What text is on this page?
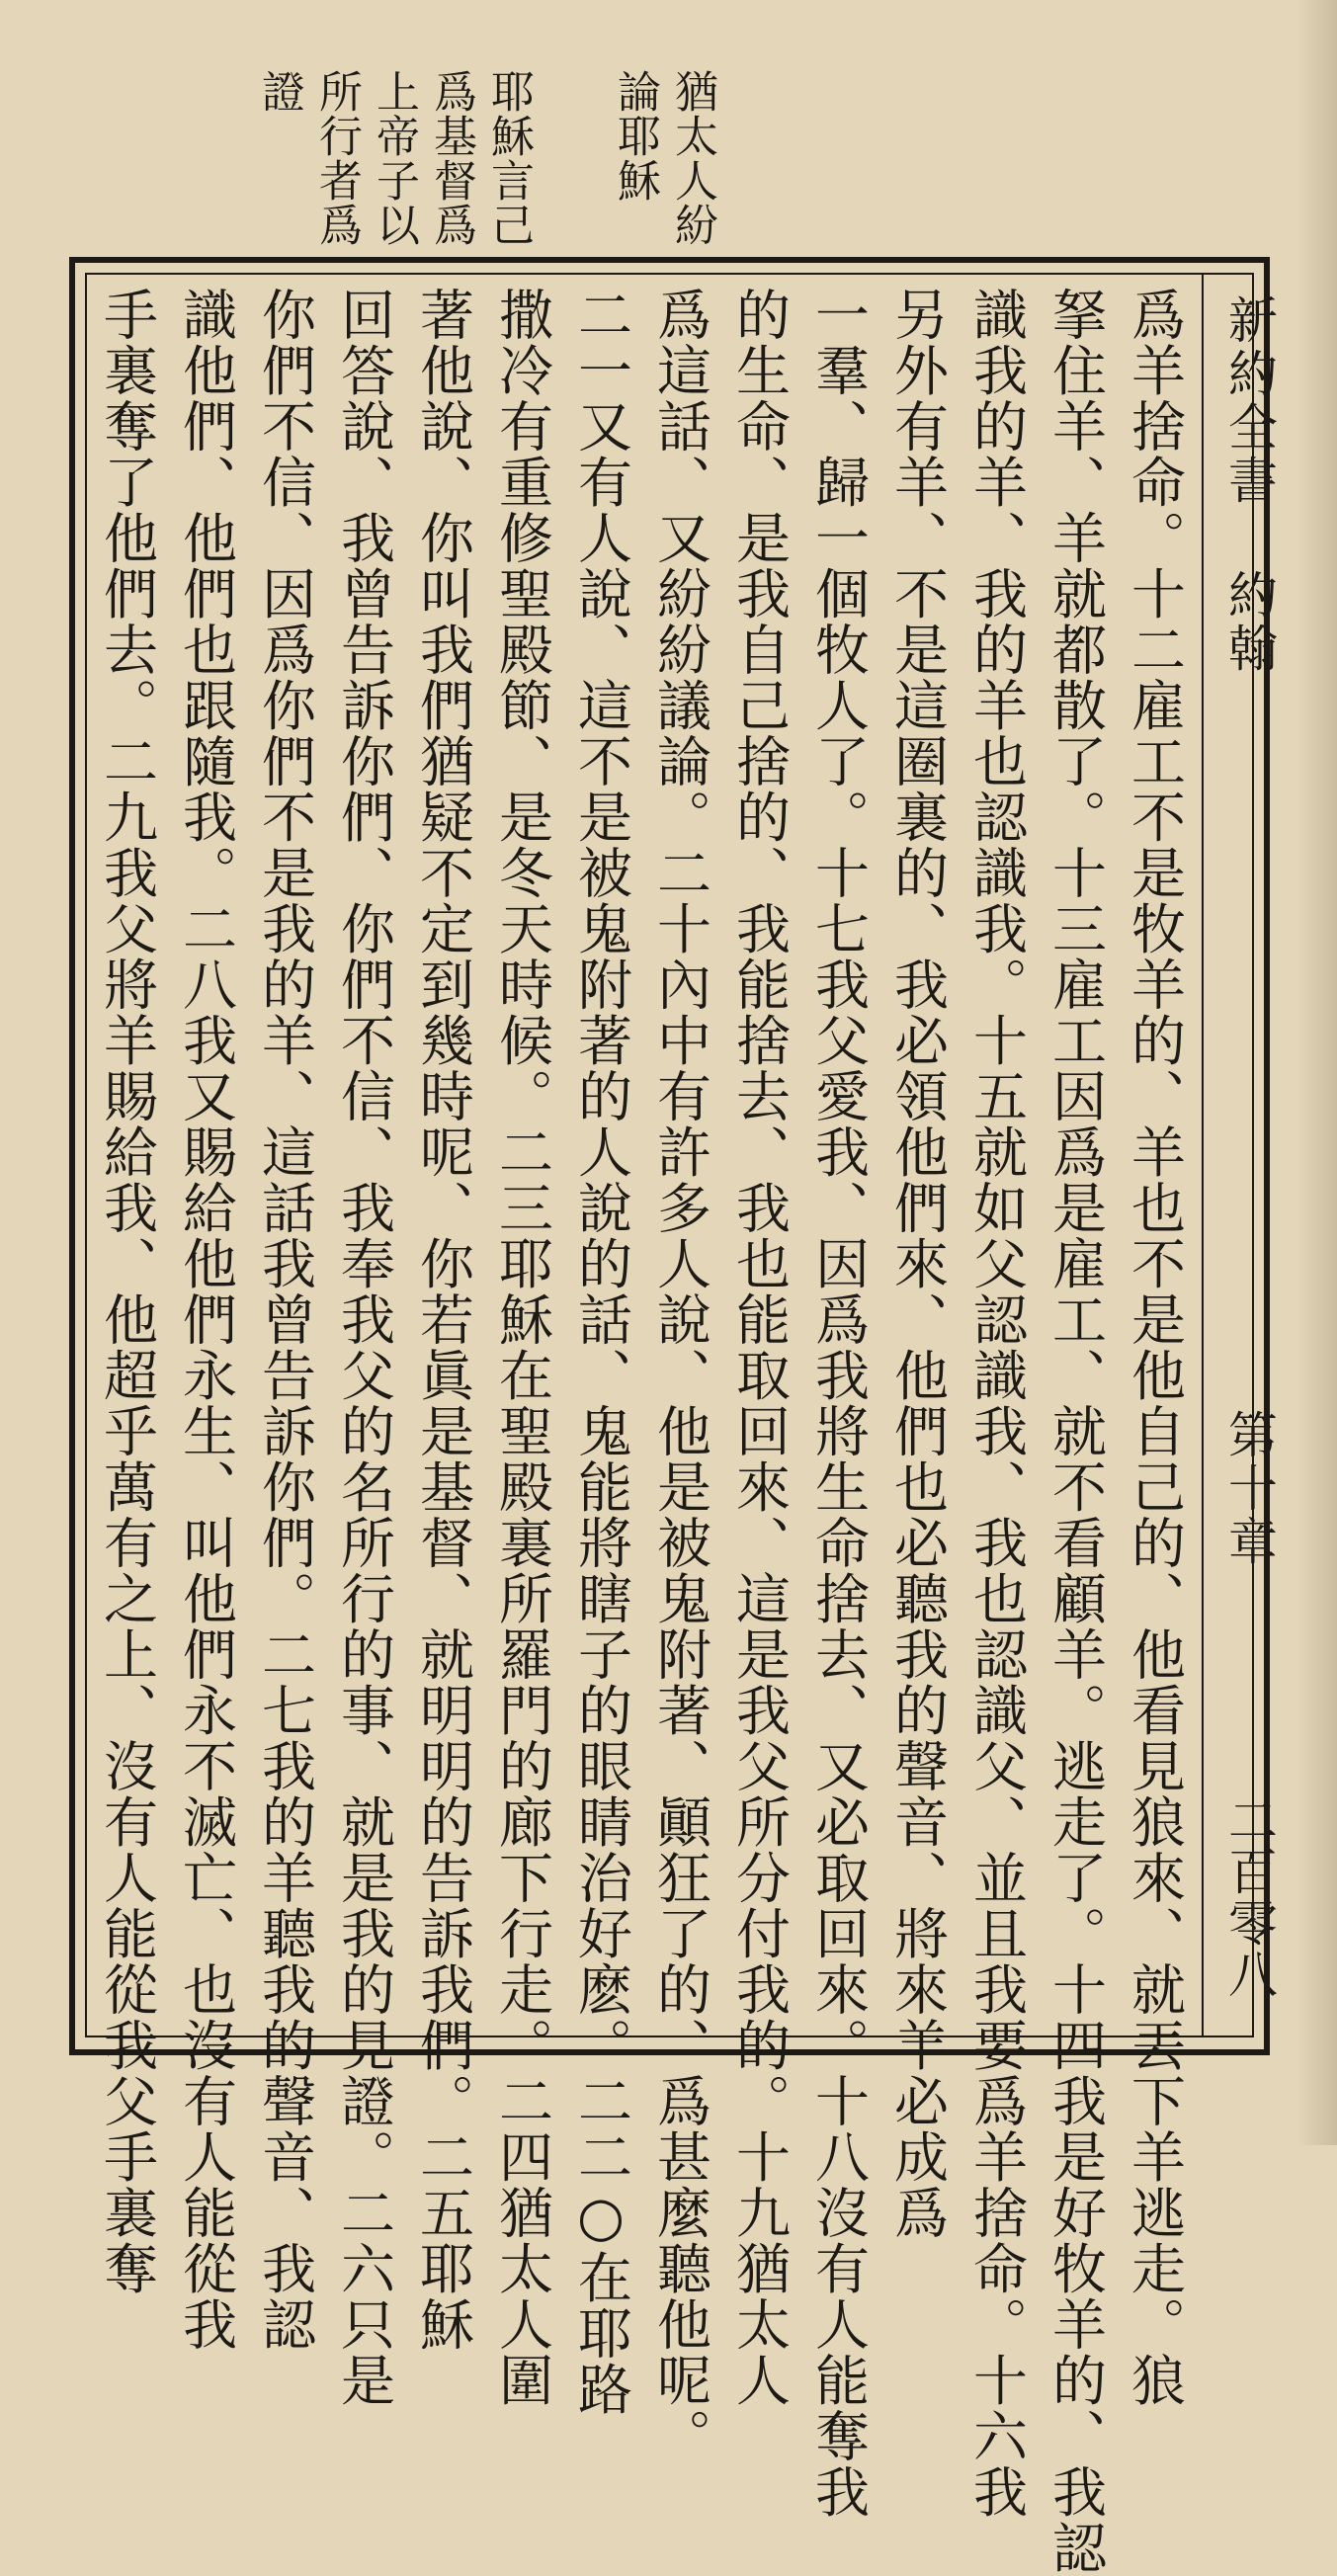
猶太人紛
論耶穌
耶穌言己
爲基督爲
上帝子以
所行者爲
證
新約全書
約翰
第十章
二百零八
爲羊捨命。十二雇工不是牧羊的、羊也不是他自己的、他看見狼來、就丟下羊逃走。狼
拏住羊、羊就都散了。十三雇工因爲是雇工、就不看顧羊。逃走了。十四我是好牧羊的、我認
識我的羊、我的羊也認識我。十五就如父認識我、我也認識父、並且我要爲羊捨命。十六我
另外有羊、不是這圈裏的、我必領他們來、他們也必聽我的聲音、將來羊必成爲
一羣、歸一個牧人了。十七我父愛我、因爲我將生命捨去、又必取回來。十八沒有人能奪我
的生命、是我自己捨的、我能捨去、我也能取回來、這是我父所分付我的。十九猶太人
爲這話、又紛紛議論。二十內中有許多人說、他是被鬼附著、顚狂了的、爲甚麼聽他呢。
二一又有人說、這不是被鬼附著的人說的話、鬼能將瞎子的眼睛治好麽。二二○在耶路
撒冷有重修聖殿節、是冬天時候。二三耶穌在聖殿裏所羅門的廊下行走。二四猶太人圍
著他說、你叫我們猶疑不定到幾時呢、你若眞是基督、就明明的告訴我們。二五耶穌
回答說、我曾告訴你們、你們不信、我奉我父的名所行的事、就是我的見證。二六只是
你們不信、因爲你們不是我的羊、這話我曾告訴你們。二七我的羊聽我的聲音、我認
識他們、他們也跟隨我。二八我又賜給他們永生、叫他們永不滅亡、也沒有人能從我
手裏奪了他們去。二九我父將羊賜給我、他超乎萬有之上、沒有人能從我父手裏奪
